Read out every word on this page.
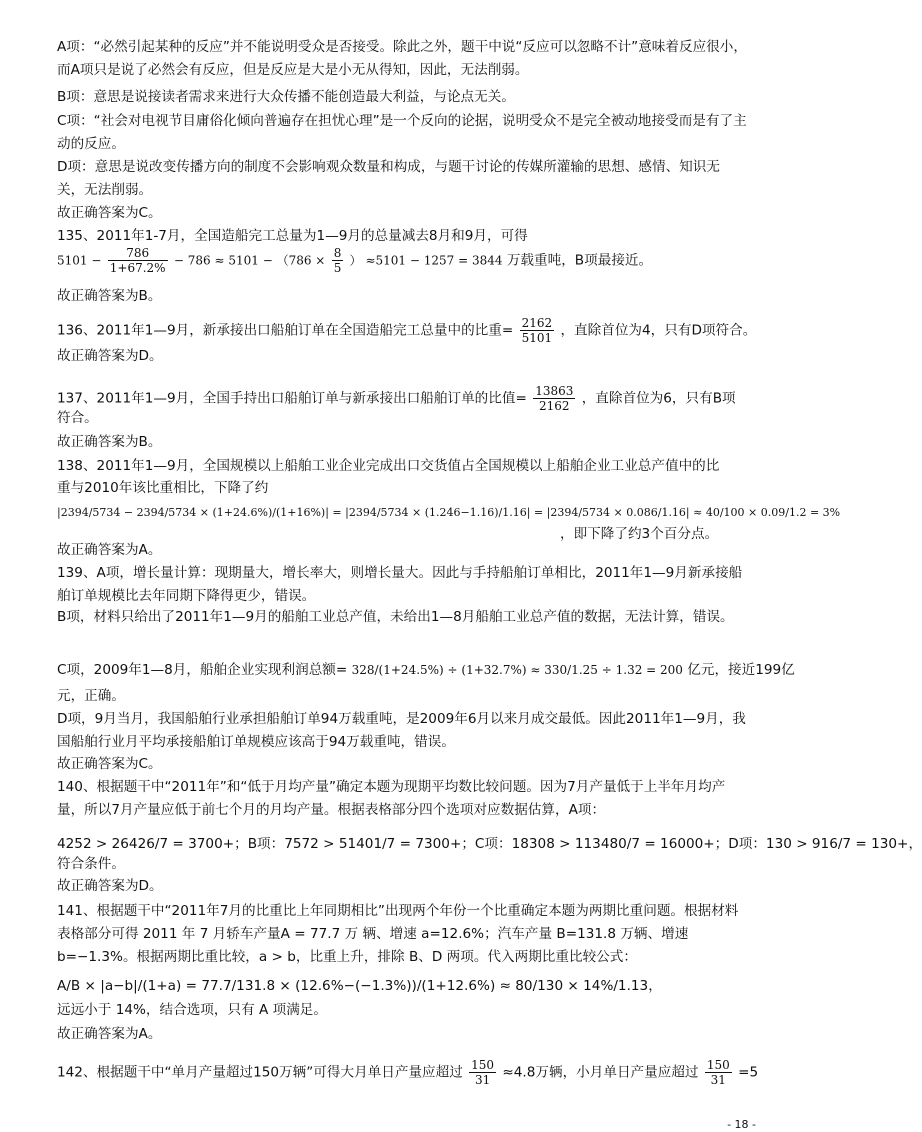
A项：“必然引起某种的反应”并不能说明受众是否接受。除此之外，题干中说“反应可以忽略不计”意味着反应很小，而A项只是说了必然会有反应，但是反应是大是小无从得知，因此，无法削弱。

B项：意思是说接读者需求来进行大众传播不能创造最大利益，与论点无关。

C项：“社会对电视节目庸俗化倾向普遍存在担忧心理”是一个反向的论据，说明受众不是完全被动地接受而是有了主动的反应。

D项：意思是说改变传播方向的制度不会影响观众数量和构成，与题干讨论的传媒所灌输的思想、感情、知识无关，无法削弱。

故正确答案为C。

135、2011年1-7月，全国造船完工总量为1—9月的总量减去8月和9月，可得
$5101 - \frac{786}{1+67.2\%} - 786 \approx 5101 - (786 \times \frac{8}{5}$ ） ≈5101 − 1257 = 3844 万载重吨，B项最接近。
故正确答案为B。
136、2011年1—9月，新承接出口船舶订单在全国造船完工总量中的比重= $\frac{2162}{5101}$ ，直除首位为4，只有D项符合。
故正确答案为D。
137、2011年1—9月，全国手持出口船舶订单与新承接出口船舶订单的比值= $\frac{13863}{2162}$ ，直除首位为6，只有B项
符合。
故正确答案为B。
138、2011年1—9月，全国规模以上船舶工业企业完成出口交货值占全国规模以上船舶企业工业总产值中的比
重与2010年该比重相比，下降了约
|2394/5734 − 2394/5734 × (1+24.6%)/(1+16%)| = |2394/5734 × (1.246−1.16)/1.16| = |2394/5734 × 0.086/1.16| ≈ 40/100 × 0.09/1.2 = 3%
，即下降了约3个百分点。
故正确答案为A。

139、A项，增长量计算：现期量大，增长率大，则增长量大。因此与手持船舶订单相比，2011年1—9月新承接船舶订单规模比去年同期下降得更少，错误。

B项，材料只给出了2011年1—9月的船舶工业总产值，未给出1—8月船舶工业总产值的数据，无法计算，错误。

C项，2009年1—8月，船舶企业实现利润总额= 328/(1+24.5%) ÷ (1+32.7%) ≈ 330/1.25 ÷ 1.32 = 200 亿元，接近199亿
元，正确。

D项，9月当月，我国船舶行业承担船舶订单94万载重吨，是2009年6月以来月成交最低。因此2011年1—9月，我国船舶行业月平均承接船舶订单规模应该高于94万载重吨，错误。

故正确答案为C。

140、根据题干中“2011年”和“低于月均产量”确定本题为现期平均数比较问题。因为7月产量低于上半年月均产量，所以7月产量应低于前七个月的月均产量。根据表格部分四个选项对应数据估算，A项：

4252 > 26426/7 = 3700+；B项：7572 > 51401/7 = 7300+；C项：18308 > 113480/7 = 16000+；D项：130 > 916/7 = 130+，
符合条件。
故正确答案为D。

141、根据题干中“2011年7月的比重比上年同期相比”出现两个年份一个比重确定本题为两期比重问题。根据材料表格部分可得 2011 年 7 月轿车产量A = 77.7 万 辆、增速 a=12.6%；汽车产量 B=131.8 万辆、增速 b=−1.3%。根据两期比重比较，a > b，比重上升，排除 B、D 两项。代入两期比重比较公式：

A/B × |a−b|/(1+a) = 77.7/131.8 × (12.6%−(−1.3%))/(1+12.6%) ≈ 80/130 × 14%/1.13，
远远小于 14%，结合选项，只有 A 项满足。
故正确答案为A。
142、根据题干中“单月产量超过150万辆”可得大月单日产量应超过 $\frac{150}{31} \approx 4.8$万辆，小月单日产量应超过 $\frac{150}{31} =5$
- 18 -
